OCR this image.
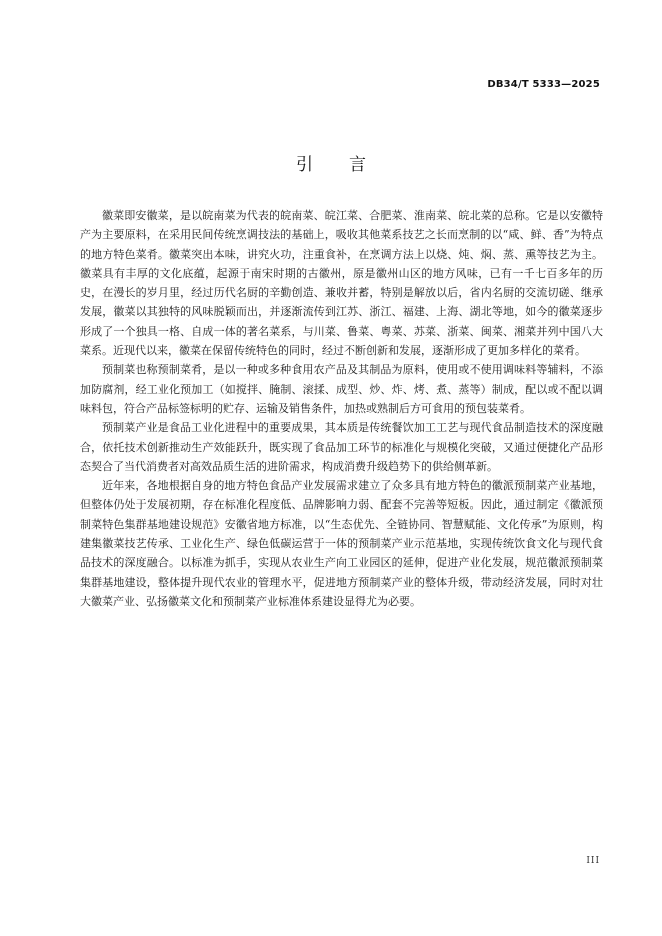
DB34/T 5333—2025
引言

徽菜即安徽菜，是以皖南菜为代表的皖南菜、皖江菜、合肥菜、淮南菜、皖北菜的总称。它是以安徽特产为主要原料，在采用民间传统烹调技法的基础上，吸收其他菜系技艺之长而烹制的以“咸、鲜、香”为特点的地方特色菜肴。徽菜突出本味，讲究火功，注重食补，在烹调方法上以烧、炖、焖、蒸、熏等技艺为主。徽菜具有丰厚的文化底蕴，起源于南宋时期的古徽州，原是徽州山区的地方风味，已有一千七百多年的历史，在漫长的岁月里，经过历代名厨的辛勤创造、兼收并蓄，特别是解放以后，省内名厨的交流切磋、继承发展，徽菜以其独特的风味脱颖而出，并逐渐流传到江苏、浙江、福建、上海、湖北等地，如今的徽菜逐步形成了一个独具一格、自成一体的著名菜系，与川菜、鲁菜、粤菜、苏菜、浙菜、闽菜、湘菜并列中国八大菜系。近现代以来，徽菜在保留传统特色的同时，经过不断创新和发展，逐渐形成了更加多样化的菜肴。

预制菜也称预制菜肴，是以一种或多种食用农产品及其制品为原料，使用或不使用调味料等辅料，不添加防腐剂，经工业化预加工（如搅拌、腌制、滚揉、成型、炒、炸、烤、煮、蒸等）制成，配以或不配以调味料包，符合产品标签标明的贮存、运输及销售条件，加热或熟制后方可食用的预包装菜肴。

预制菜产业是食品工业化进程中的重要成果，其本质是传统餐饮加工工艺与现代食品制造技术的深度融合，依托技术创新推动生产效能跃升，既实现了食品加工环节的标准化与规模化突破，又通过便捷化产品形态契合了当代消费者对高效品质生活的进阶需求，构成消费升级趋势下的供给侧革新。

近年来，各地根据自身的地方特色食品产业发展需求建立了众多具有地方特色的徽派预制菜产业基地，但整体仍处于发展初期，存在标准化程度低、品牌影响力弱、配套不完善等短板。因此，通过制定《徽派预制菜特色集群基地建设规范》安徽省地方标准，以“生态优先、全链协同、智慧赋能、文化传承”为原则，构建集徽菜技艺传承、工业化生产、绿色低碳运营于一体的预制菜产业示范基地，实现传统饮食文化与现代食品技术的深度融合。以标准为抓手，实现从农业生产向工业园区的延伸，促进产业化发展，规范徽派预制菜集群基地建设，整体提升现代农业的管理水平，促进地方预制菜产业的整体升级，带动经济发展，同时对壮大徽菜产业、弘扬徽菜文化和预制菜产业标准体系建设显得尤为必要。

III
